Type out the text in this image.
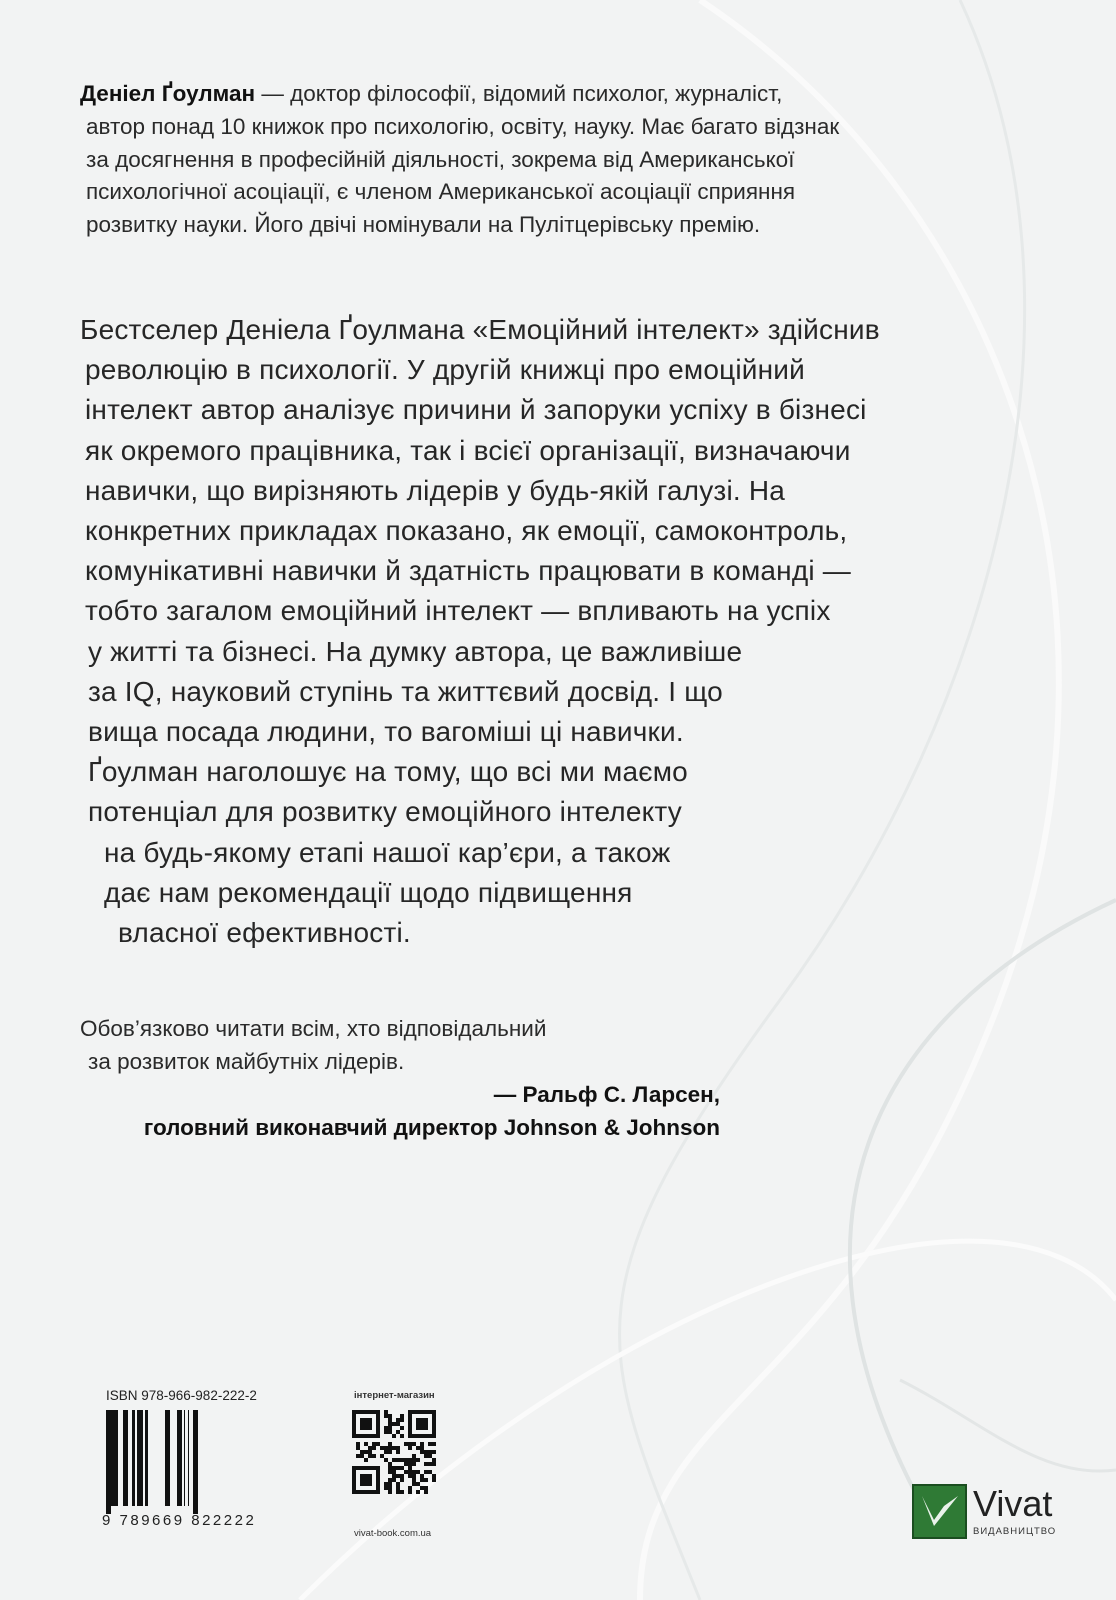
Деніел Ґоулман — доктор філософії, відомий психолог, журналіст,
автор понад 10 книжок про психологію, освіту, науку. Має багато відзнак
за досягнення в професійній діяльності, зокрема від Американської
психологічної асоціації, є членом Американської асоціації сприяння
розвитку науки. Його двічі номінували на Пулітцерівську премію.
Бестселер Деніела Ґоулмана «Емоційний інтелект» здійснив
революцію в психології. У другій книжці про емоційний
інтелект автор аналізує причини й запоруки успіху в бізнесі
як окремого працівника, так і всієї організації, визначаючи
навички, що вирізняють лідерів у будь-якій галузі. На
конкретних прикладах показано, як емоції, самоконтроль,
комунікативні навички й здатність працювати в команді —
тобто загалом емоційний інтелект — впливають на успіх
у житті та бізнесі. На думку автора, це важливіше
за IQ, науковий ступінь та життєвий досвід. І що
вища посада людини, то вагоміші ці навички.
Ґоулман наголошує на тому, що всі ми маємо
потенціал для розвитку емоційного інтелекту
на будь-якому етапі нашої кар’єри, а також
дає нам рекомендації щодо підвищення
власної ефективності.
Обов’язково читати всім, хто відповідальний
за розвиток майбутніх лідерів.
— Ральф С. Ларсен,
головний виконавчий директор Johnson & Johnson
ISBN 978-966-982-222-2
9 789669 822222
інтернет-магазин
vivat-book.com.ua
Vivat
ВИДАВНИЦТВО
